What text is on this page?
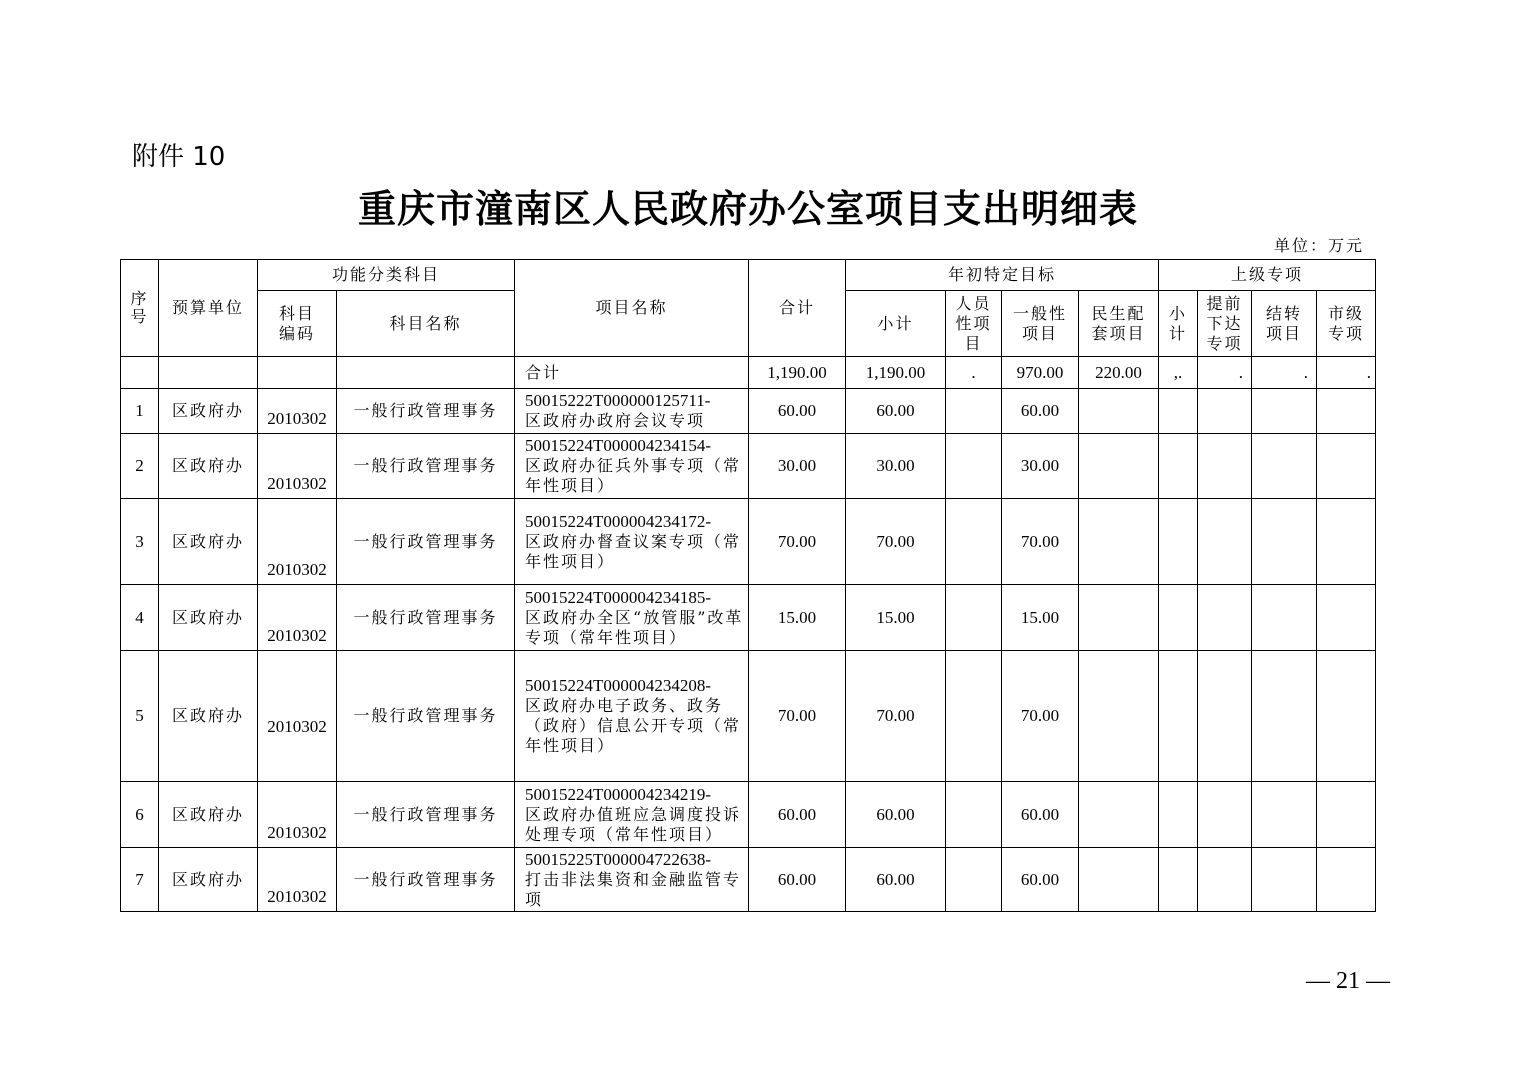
附件 10
重庆市潼南区人民政府办公室项目支出明细表
单位：万元
序号	预算单位	功能分类科目		项目名称	合计	年初特定目标				上级专项			
		科目编码	科目名称			小计	人员性项目	一般性项目	民生配套项目	小计	提前下达专项	结转项目	市级专项
				合计	1,190.00	1,190.00	.	970.00	220.00	,.	.	.	.
1	区政府办	2010302	一般行政管理事务	50015222T000000125711-
区政府办政府会议专项	60.00	60.00		60.00					
2	区政府办	2010302	一般行政管理事务	50015224T000004234154-
区政府办征兵外事专项（常年性项目）	30.00	30.00		30.00					
3	区政府办	2010302	一般行政管理事务	50015224T000004234172-
区政府办督查议案专项（常年性项目）	70.00	70.00		70.00					
4	区政府办	2010302	一般行政管理事务	50015224T000004234185-
区政府办全区“放管服”改革专项（常年性项目）	15.00	15.00		15.00					
5	区政府办	2010302	一般行政管理事务	50015224T000004234208-
区政府办电子政务、政务（政府）信息公开专项（常年性项目）	70.00	70.00		70.00					
6	区政府办	2010302	一般行政管理事务	50015224T000004234219-
区政府办值班应急调度投诉处理专项（常年性项目）	60.00	60.00		60.00					
7	区政府办	2010302	一般行政管理事务	50015225T000004722638-
打击非法集资和金融监管专项	60.00	60.00		60.00					
— 21 —
